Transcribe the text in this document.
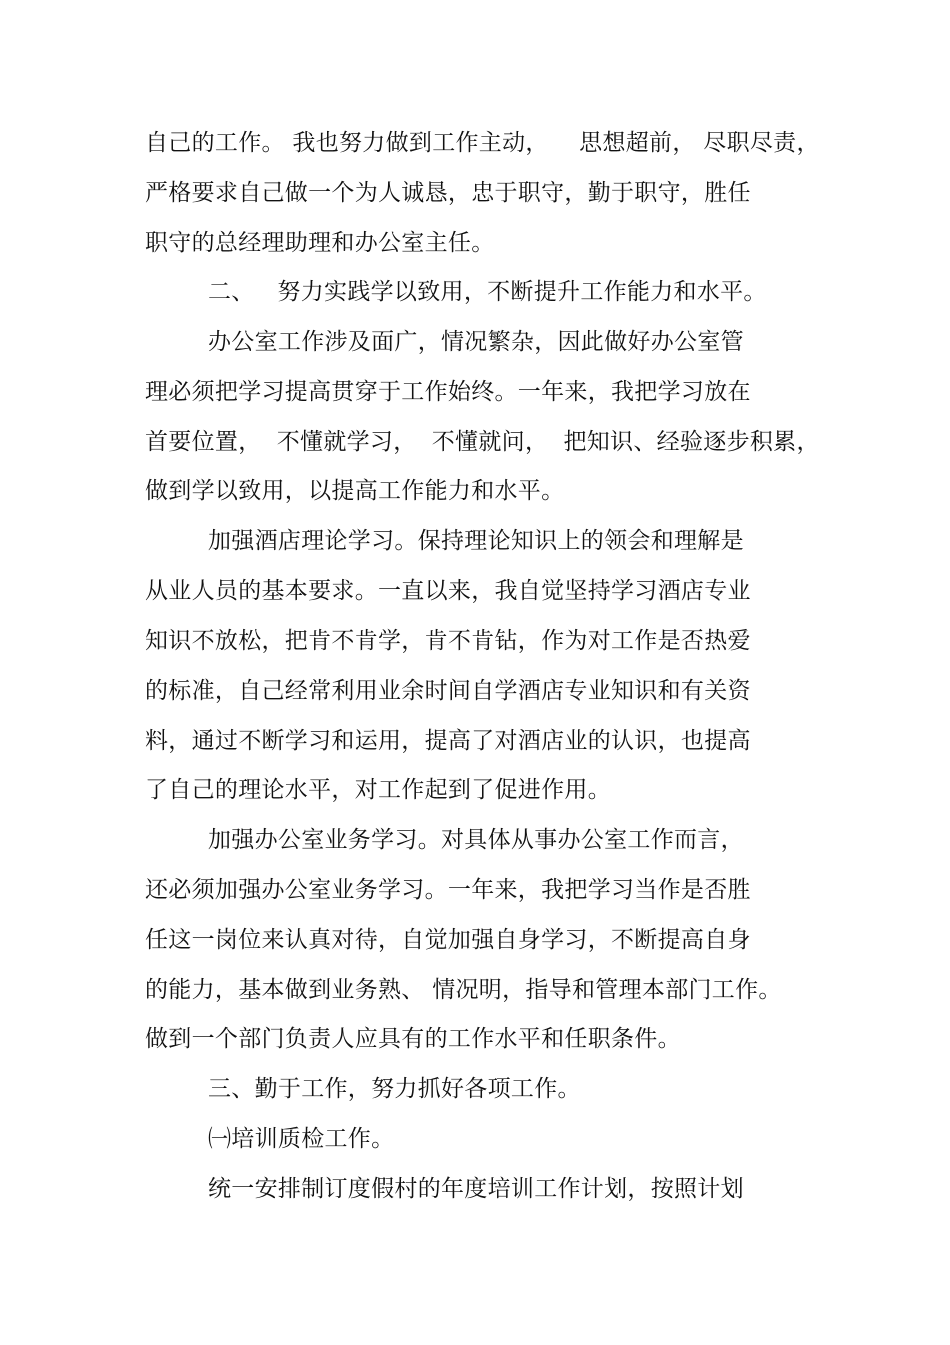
自己的工作。 我也努力做到工作主动，    思想超前， 尽职尽责，
严格要求自己做一个为人诚恳，忠于职守，勤于职守，胜任
职守的总经理助理和办公室主任。
二、   努力实践学以致用，不断提升工作能力和水平。
办公室工作涉及面广，情况繁杂，因此做好办公室管
理必须把学习提高贯穿于工作始终。一年来，我把学习放在
首要位置，  不懂就学习，  不懂就问，  把知识、经验逐步积累，
做到学以致用，以提高工作能力和水平。
加强酒店理论学习。保持理论知识上的领会和理解是
从业人员的基本要求。一直以来，我自觉坚持学习酒店专业
知识不放松，把肯不肯学，肯不肯钻，作为对工作是否热爱
的标准，自己经常利用业余时间自学酒店专业知识和有关资
料，通过不断学习和运用，提高了对酒店业的认识，也提高
了自己的理论水平，对工作起到了促进作用。
加强办公室业务学习。对具体从事办公室工作而言，
还必须加强办公室业务学习。一年来，我把学习当作是否胜
任这一岗位来认真对待，自觉加强自身学习，不断提高自身
的能力，基本做到业务熟、 情况明，指导和管理本部门工作。
做到一个部门负责人应具有的工作水平和任职条件。
三、勤于工作，努力抓好各项工作。
㈠培训质检工作。
统一安排制订度假村的年度培训工作计划，按照计划
